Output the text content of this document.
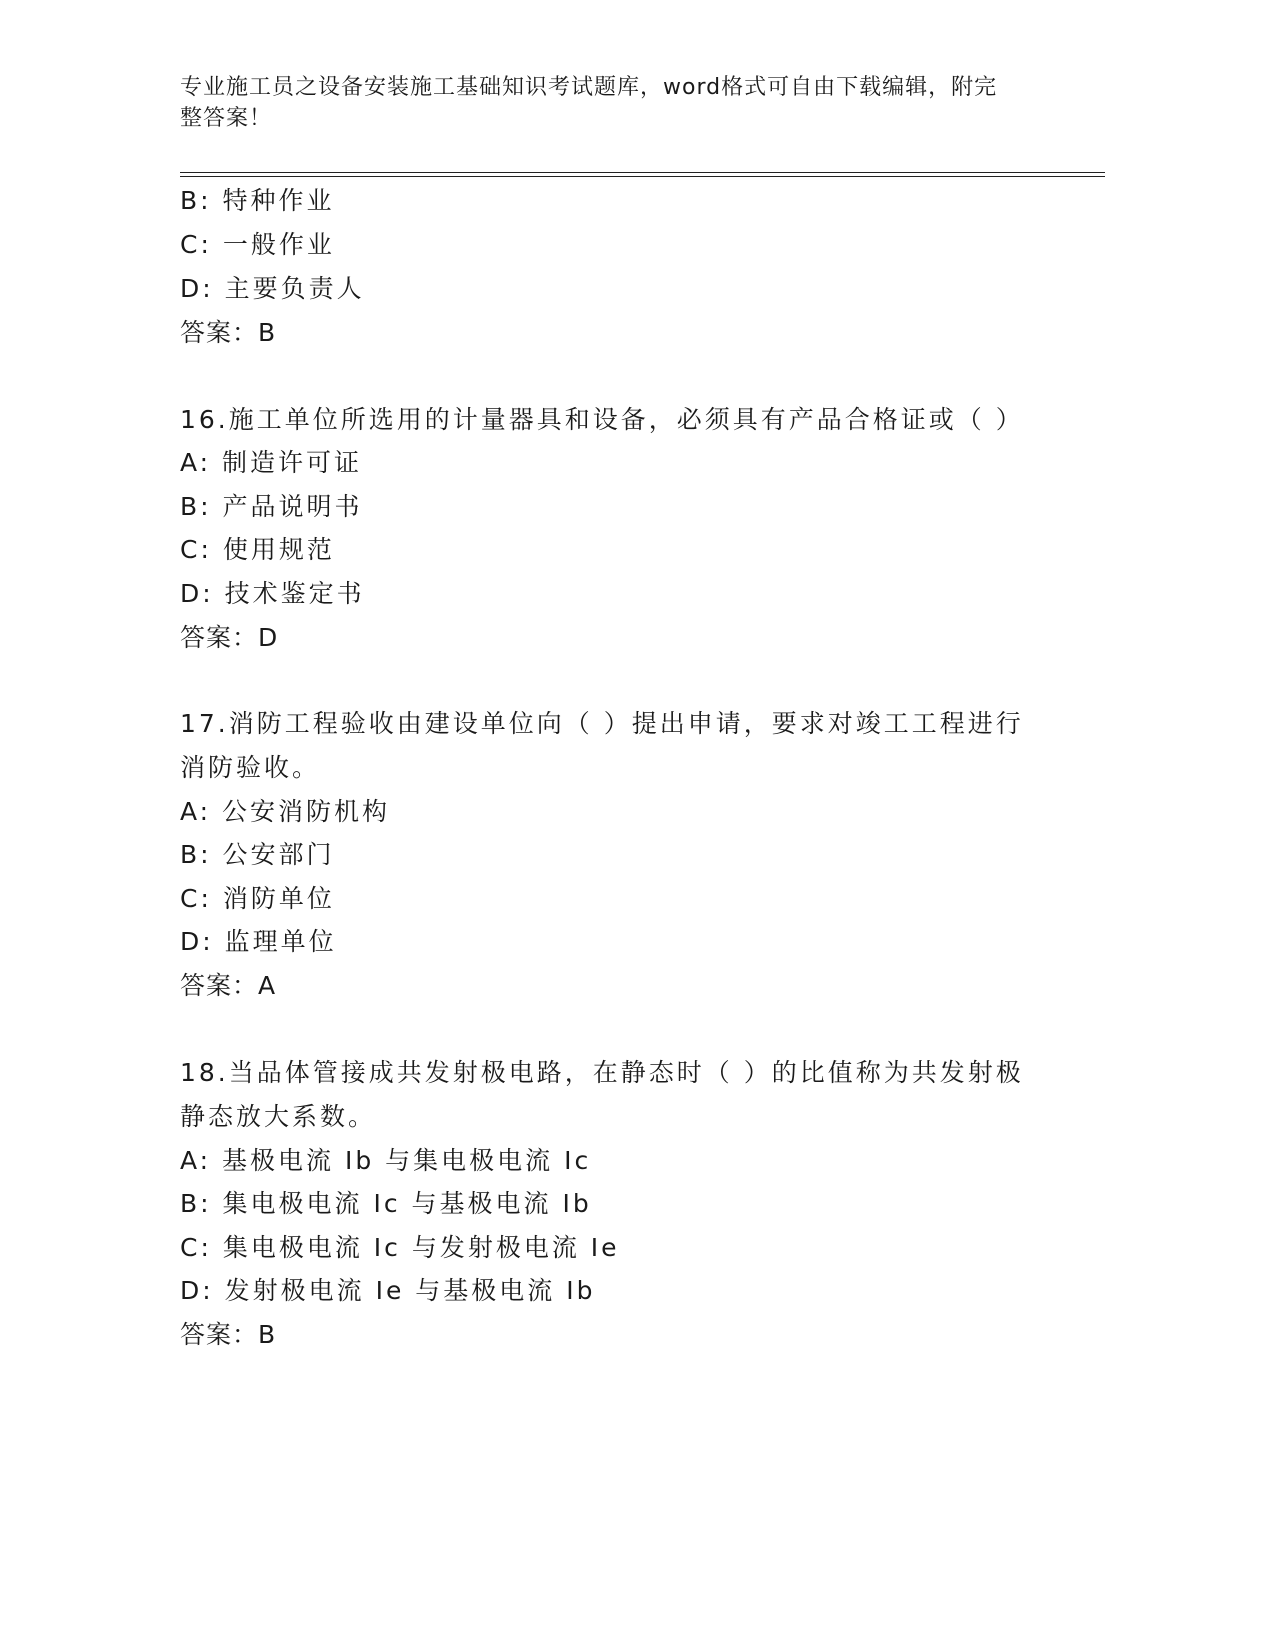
专业施工员之设备安装施工基础知识考试题库，word格式可自由下载编辑，附完
整答案！
B: 特种作业
C: 一般作业
D: 主要负责人
答案：B
16.施工单位所选用的计量器具和设备，必须具有产品合格证或（ ）
A: 制造许可证
B: 产品说明书
C: 使用规范
D: 技术鉴定书
答案：D
17.消防工程验收由建设单位向（ ）提出申请，要求对竣工工程进行
消防验收。
A: 公安消防机构
B: 公安部门
C: 消防单位
D: 监理单位
答案：A
18.当品体管接成共发射极电路，在静态时（ ）的比值称为共发射极
静态放大系数。
A: 基极电流 Ib 与集电极电流 Ic
B: 集电极电流 Ic 与基极电流 Ib
C: 集电极电流 Ic 与发射极电流 Ie
D: 发射极电流 Ie 与基极电流 Ib
答案：B
